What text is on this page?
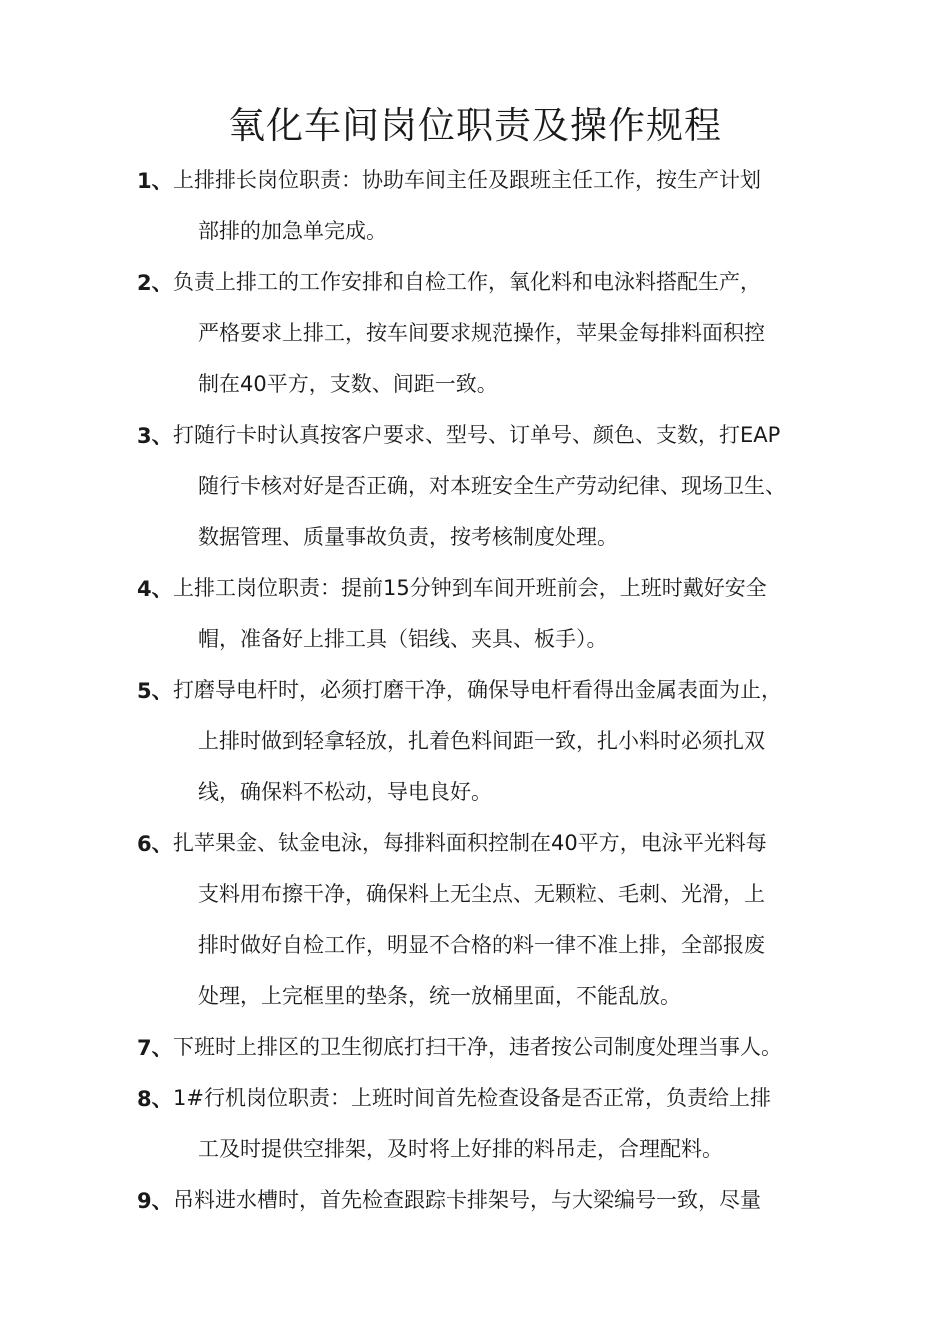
氧化车间岗位职责及操作规程
1、 上排排长岗位职责：协助车间主任及跟班主任工作，按生产计划
部排的加急单完成。
2、 负责上排工的工作安排和自检工作，氧化料和电泳料搭配生产，
严格要求上排工，按车间要求规范操作，苹果金每排料面积控
制在40平方，支数、间距一致。
3、 打随行卡时认真按客户要求、型号、订单号、颜色、支数，打EAP
随行卡核对好是否正确，对本班安全生产劳动纪律、现场卫生、
数据管理、质量事故负责，按考核制度处理。
4、 上排工岗位职责：提前15分钟到车间开班前会，上班时戴好安全
帽，准备好上排工具（铝线、夹具、板手）。
5、 打磨导电杆时，必须打磨干净，确保导电杆看得出金属表面为止，
上排时做到轻拿轻放，扎着色料间距一致，扎小料时必须扎双
线，确保料不松动，导电良好。
6、 扎苹果金、钛金电泳，每排料面积控制在40平方，电泳平光料每
支料用布擦干净，确保料上无尘点、无颗粒、毛刺、光滑，上
排时做好自检工作，明显不合格的料一律不准上排，全部报废
处理，上完框里的垫条，统一放桶里面，不能乱放。
7、 下班时上排区的卫生彻底打扫干净，违者按公司制度处理当事人。
8、 1#行机岗位职责：上班时间首先检查设备是否正常，负责给上排
工及时提供空排架，及时将上好排的料吊走，合理配料。
9、 吊料进水槽时，首先检查跟踪卡排架号，与大梁编号一致，尽量
